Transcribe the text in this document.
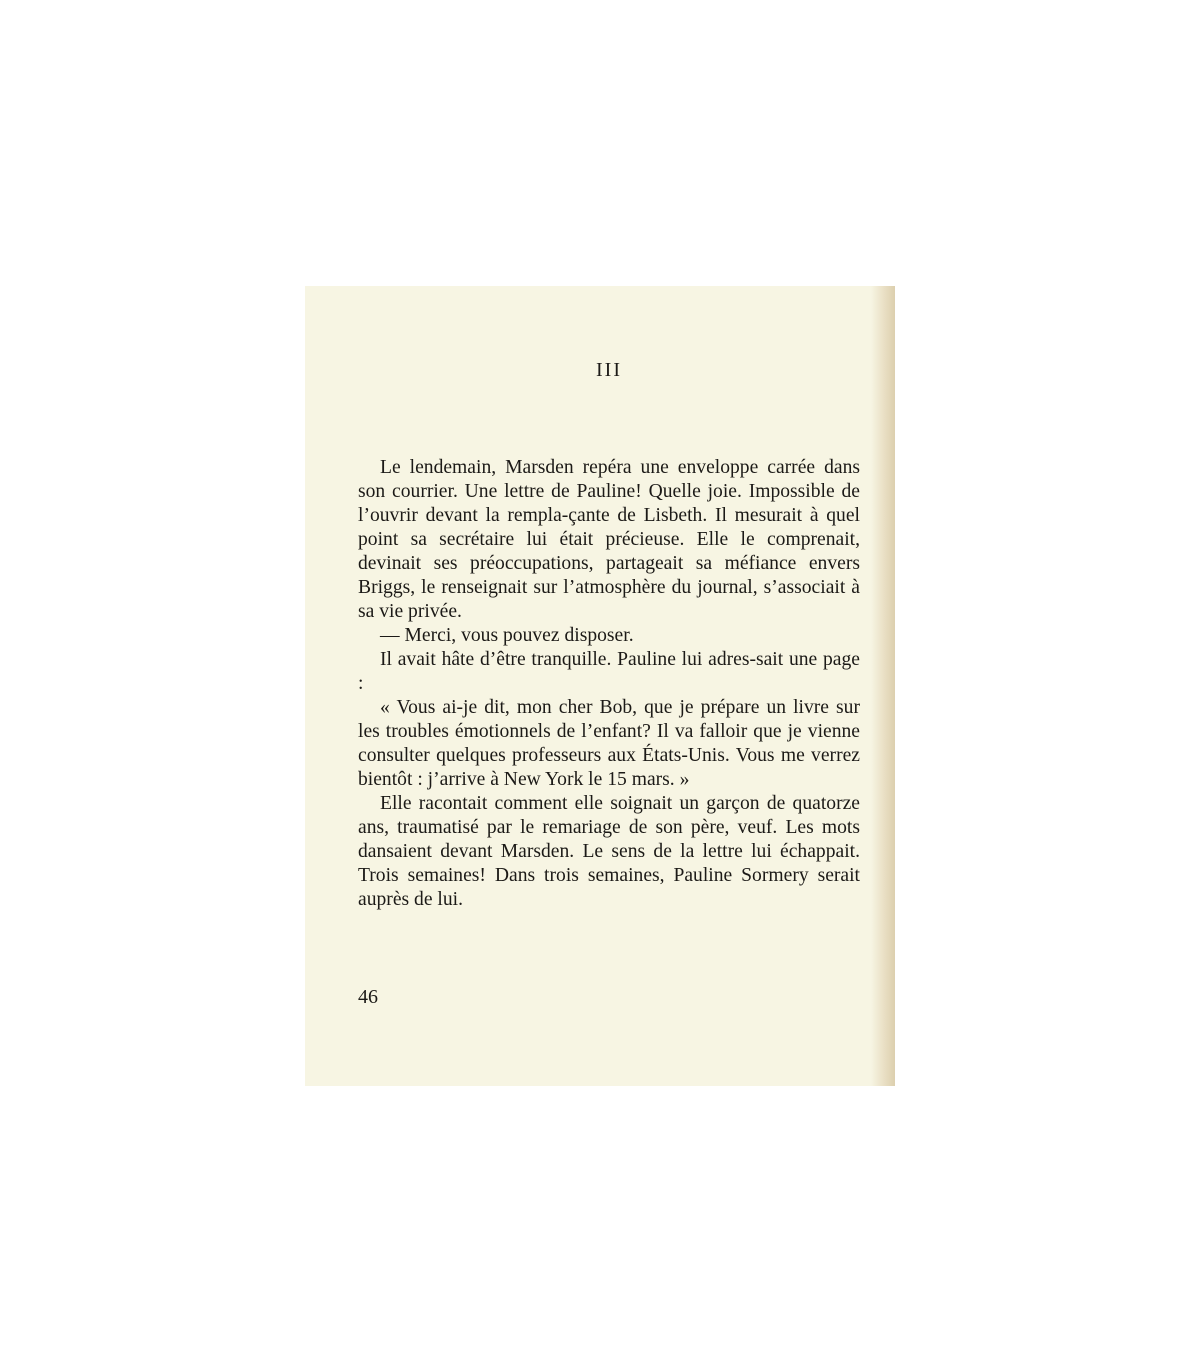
III

Le lendemain, Marsden repéra une enveloppe carrée dans son courrier. Une lettre de Pauline! Quelle joie. Impossible de l’ouvrir devant la rempla-çante de Lisbeth. Il mesurait à quel point sa secrétaire lui était précieuse. Elle le comprenait, devinait ses préoccupations, partageait sa méfiance envers Briggs, le renseignait sur l’atmosphère du journal, s’associait à sa vie privée.

— Merci, vous pouvez disposer.

Il avait hâte d’être tranquille. Pauline lui adres-sait une page :

« Vous ai-je dit, mon cher Bob, que je prépare un livre sur les troubles émotionnels de l’enfant? Il va falloir que je vienne consulter quelques professeurs aux États-Unis. Vous me verrez bientôt : j’arrive à New York le 15 mars. »

Elle racontait comment elle soignait un garçon de quatorze ans, traumatisé par le remariage de son père, veuf. Les mots dansaient devant Marsden. Le sens de la lettre lui échappait. Trois semaines! Dans trois semaines, Pauline Sormery serait auprès de lui.

46
